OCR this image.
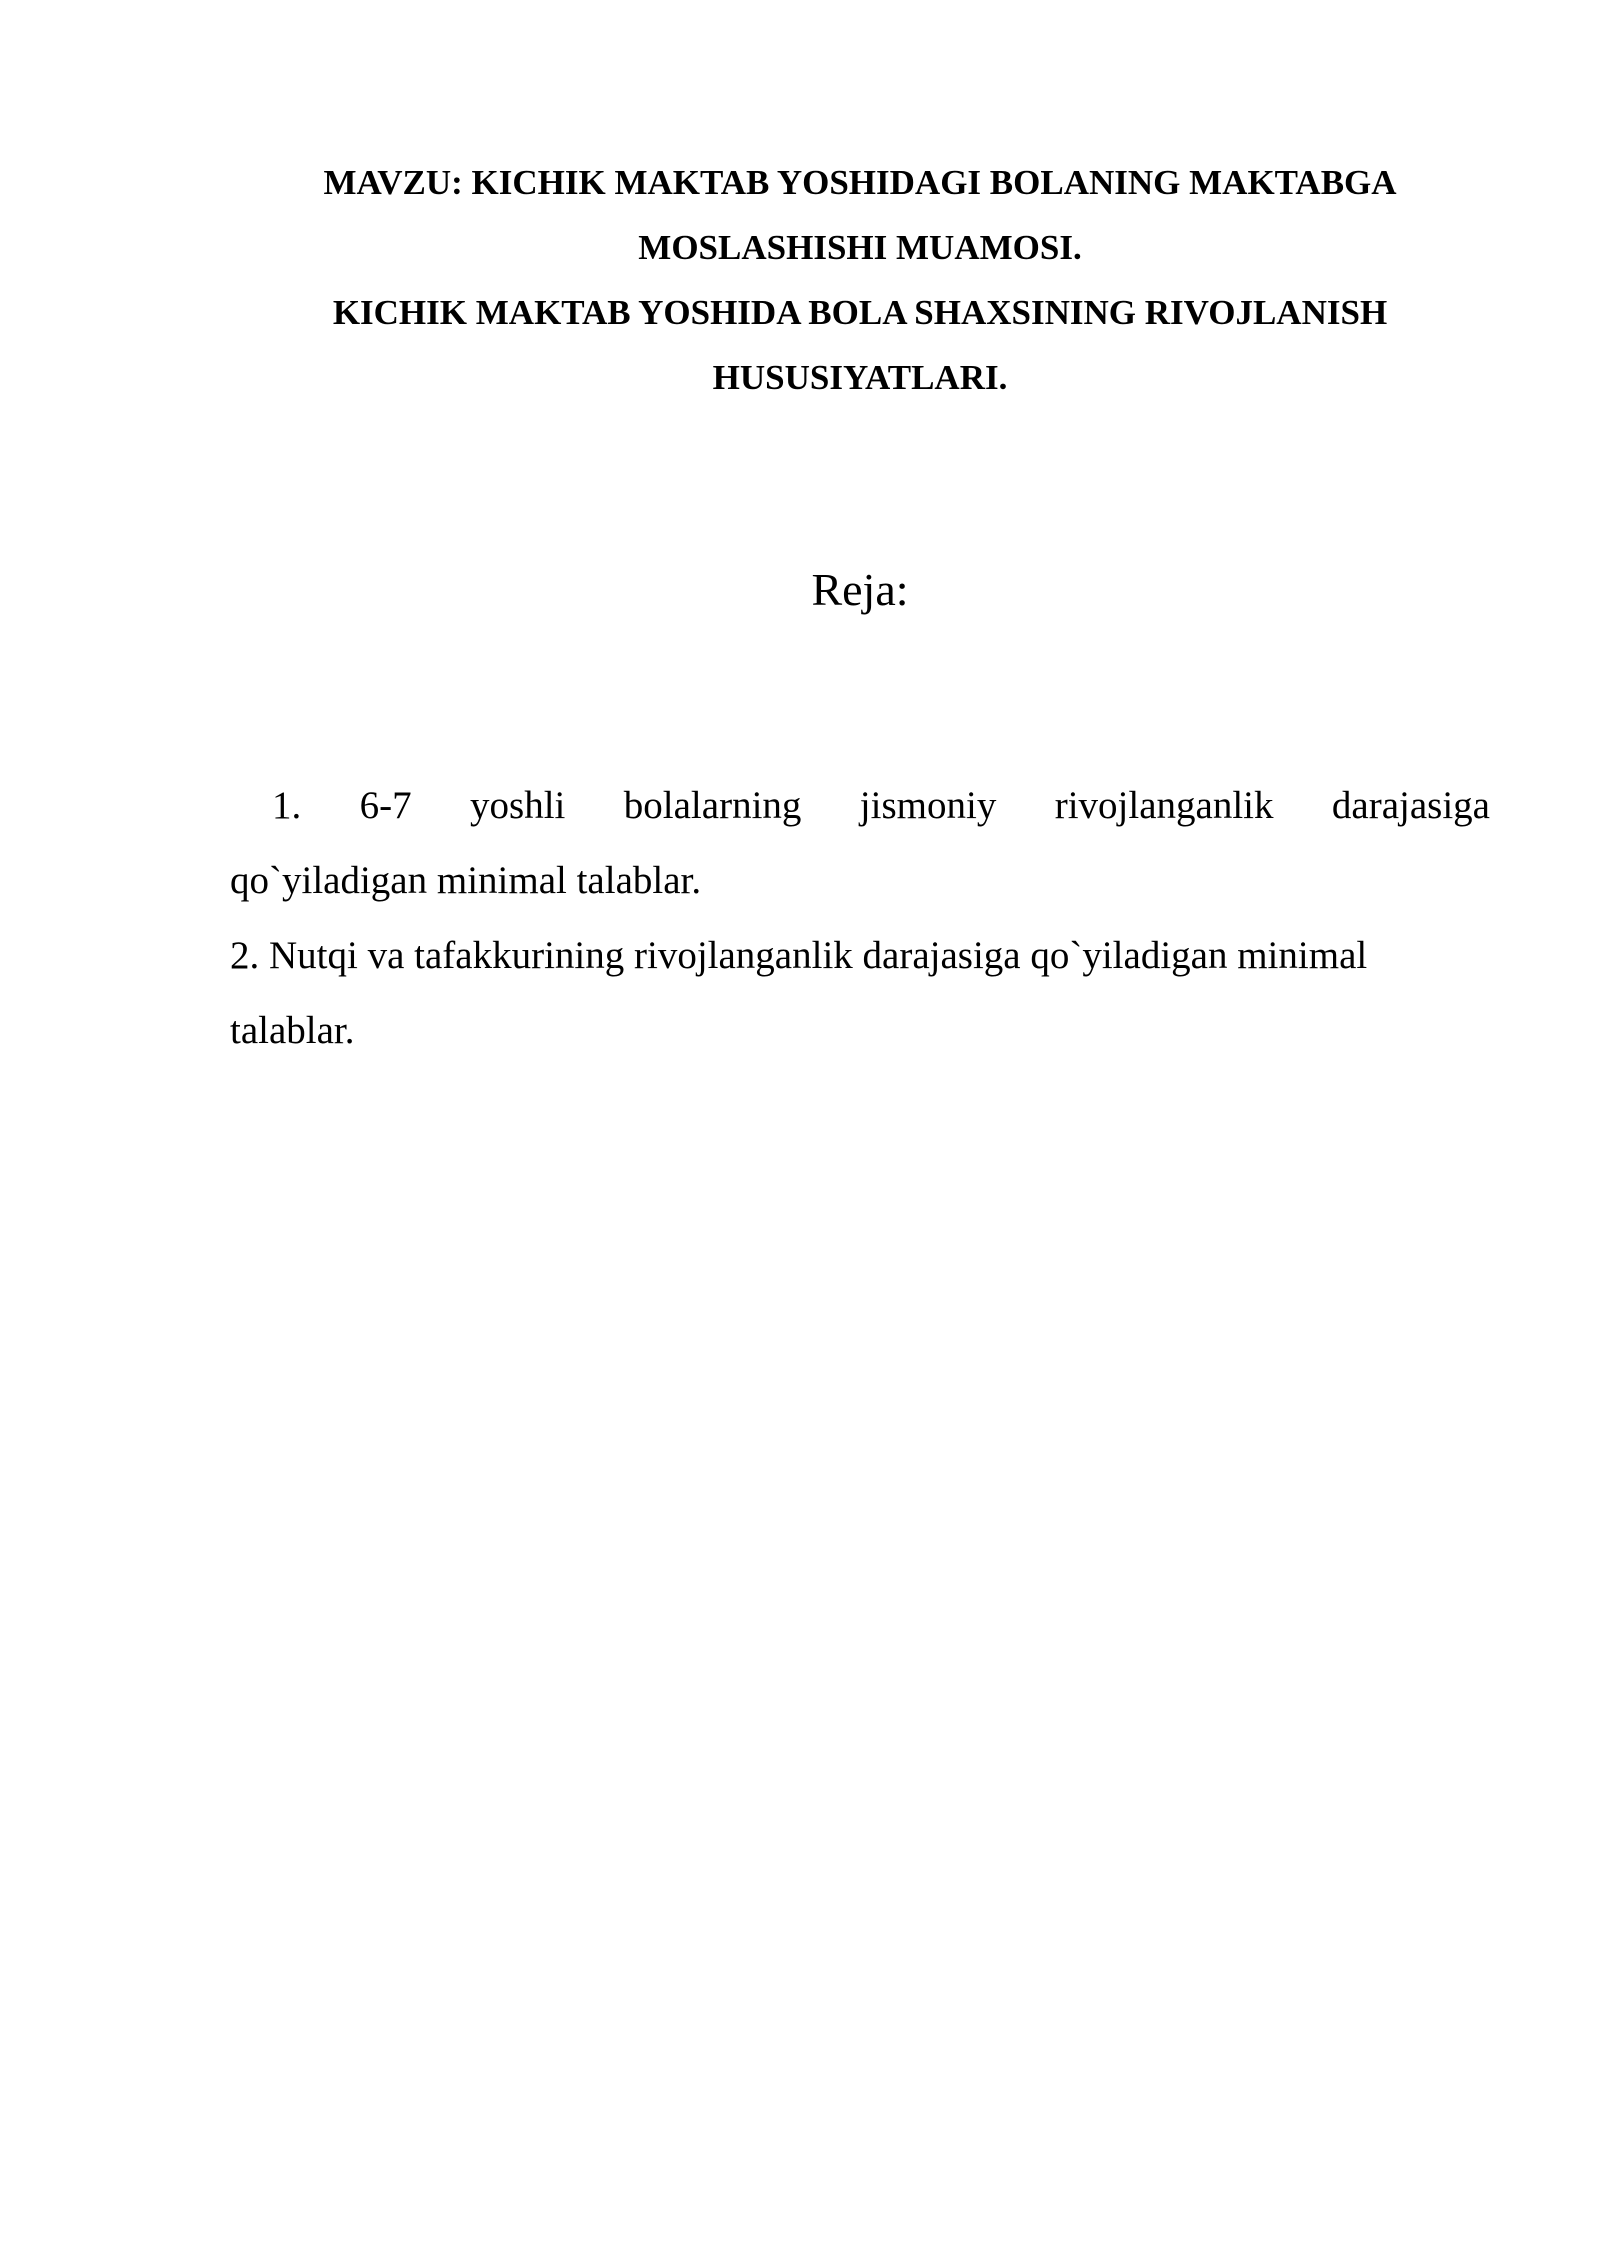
MAVZU: KICHIK MAKTAB YOSHIDAGI BOLANING MAKTABGA
MOSLASHISHI MUAMOSI.
KICHIK MAKTAB YOSHIDA BOLA SHAXSINING RIVOJLANISH
HUSUSIYATLARI.
Reja:
1. 6-7 yoshli bolalarning jismoniy rivojlanganlik darajasiga
qo`yiladigan minimal talablar.
2. Nutqi va tafakkurining rivojlanganlik darajasiga qo`yiladigan minimal
talablar.
